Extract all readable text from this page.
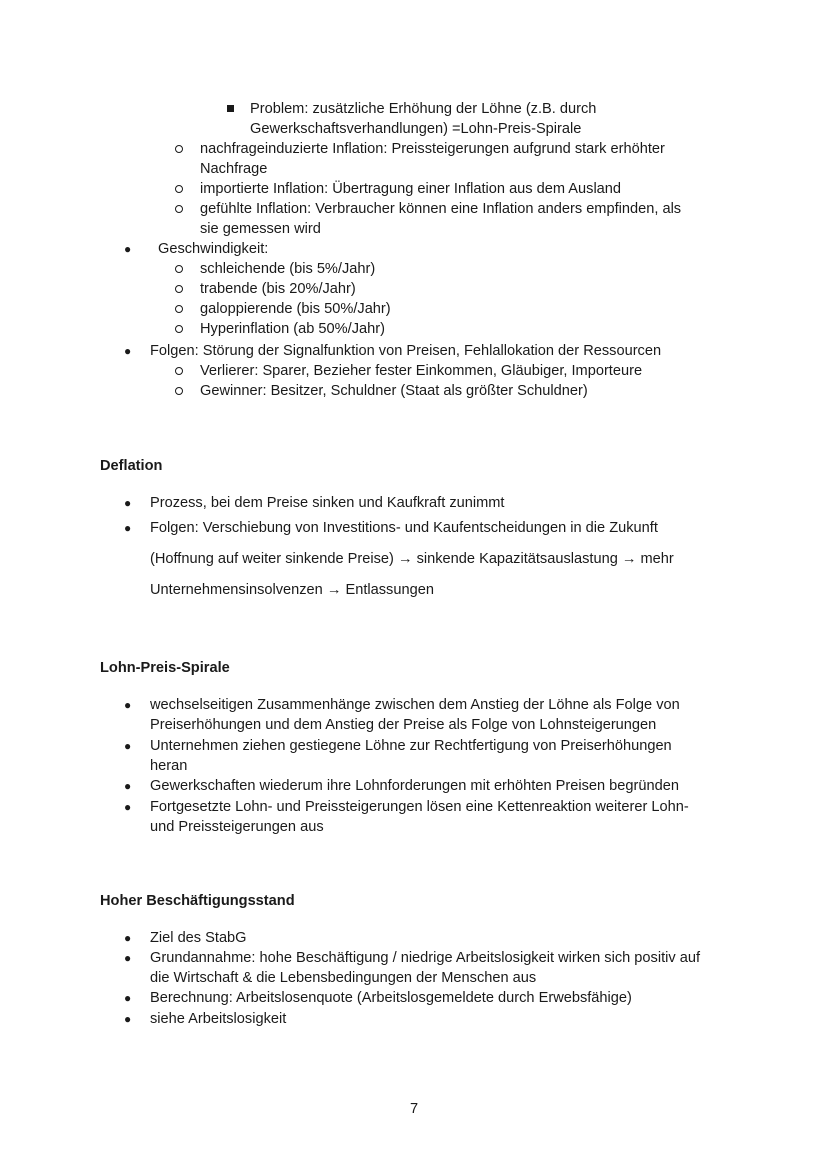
Problem: zusätzliche Erhöhung der Löhne (z.B. durch
Gewerkschaftsverhandlungen) =Lohn-Preis-Spirale
nachfrageinduzierte Inflation: Preissteigerungen aufgrund stark erhöhter
Nachfrage
importierte Inflation: Übertragung einer Inflation aus dem Ausland
gefühlte Inflation: Verbraucher können eine Inflation anders empfinden, als
sie gemessen wird
● Geschwindigkeit:
schleichende (bis 5%/Jahr)
trabende (bis 20%/Jahr)
galoppierende (bis 50%/Jahr)
Hyperinflation (ab 50%/Jahr)
● Folgen: Störung der Signalfunktion von Preisen, Fehlallokation der Ressourcen
Verlierer: Sparer, Bezieher fester Einkommen, Gläubiger, Importeure
Gewinner: Besitzer, Schuldner (Staat als größter Schuldner)
Deflation
● Prozess, bei dem Preise sinken und Kaufkraft zunimmt
● Folgen: Verschiebung von Investitions- und Kaufentscheidungen in die Zukunft
(Hoffnung auf weiter sinkende Preise) → sinkende Kapazitätsauslastung → mehr
Unternehmensinsolvenzen → Entlassungen
Lohn-Preis-Spirale
● wechselseitigen Zusammenhänge zwischen dem Anstieg der Löhne als Folge von
Preiserhöhungen und dem Anstieg der Preise als Folge von Lohnsteigerungen
● Unternehmen ziehen gestiegene Löhne zur Rechtfertigung von Preiserhöhungen
heran
● Gewerkschaften wiederum ihre Lohnforderungen mit erhöhten Preisen begründen
● Fortgesetzte Lohn- und Preissteigerungen lösen eine Kettenreaktion weiterer Lohn-
und Preissteigerungen aus
Hoher Beschäftigungsstand
● Ziel des StabG
● Grundannahme: hohe Beschäftigung / niedrige Arbeitslosigkeit wirken sich positiv auf
die Wirtschaft & die Lebensbedingungen der Menschen aus
● Berechnung: Arbeitslosenquote (Arbeitslosgemeldete durch Erwebsfähige)
● siehe Arbeitslosigkeit
7
